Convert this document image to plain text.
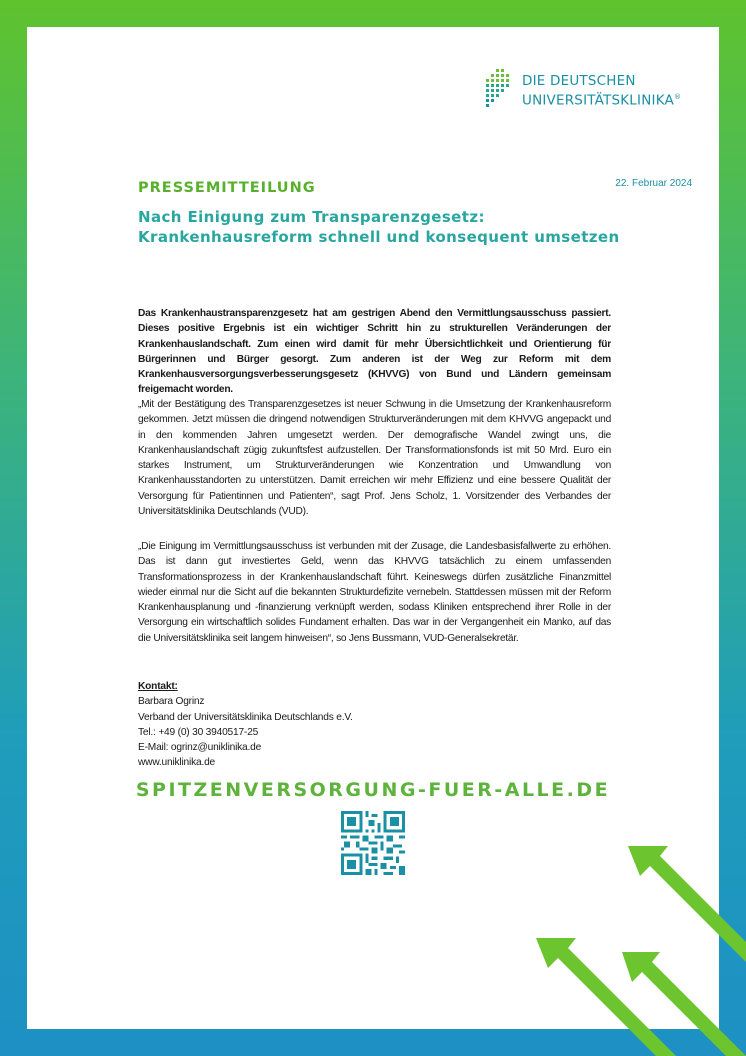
DIE DEUTSCHEN
UNIVERSITÄTSKLINIKA®
22. Februar 2024
PRESSEMITTEILUNG
Nach Einigung zum Transparenzgesetz:
Krankenhausreform schnell und konsequent umsetzen
Das Krankenhaustransparenzgesetz hat am gestrigen Abend den Vermittlungsausschuss passiert. Dieses positive Ergebnis ist ein wichtiger Schritt hin zu strukturellen Veränderungen der Krankenhauslandschaft. Zum einen wird damit für mehr Übersichtlichkeit und Orientierung für Bürgerinnen und Bürger gesorgt. Zum anderen ist der Weg zur Reform mit dem Krankenhausversorgungsverbesserungsgesetz (KHVVG) von Bund und Ländern gemeinsam freigemacht worden.
„Mit der Bestätigung des Transparenzgesetzes ist neuer Schwung in die Umsetzung der Krankenhausreform gekommen. Jetzt müssen die dringend notwendigen Strukturveränderungen mit dem KHVVG angepackt und in den kommenden Jahren umgesetzt werden. Der demografische Wandel zwingt uns, die Krankenhauslandschaft zügig zukunftsfest aufzustellen. Der Transformationsfonds ist mit 50 Mrd. Euro ein starkes Instrument, um Strukturveränderungen wie Konzentration und Umwandlung von Krankenhausstandorten zu unterstützen. Damit erreichen wir mehr Effizienz und eine bessere Qualität der Versorgung für Patientinnen und Patienten“, sagt Prof. Jens Scholz, 1. Vorsitzender des Verbandes der Universitätsklinika Deutschlands (VUD).
„Die Einigung im Vermittlungsausschuss ist verbunden mit der Zusage, die Landesbasisfallwerte zu erhöhen. Das ist dann gut investiertes Geld, wenn das KHVVG tatsächlich zu einem umfassenden Transformationsprozess in der Krankenhauslandschaft führt. Keineswegs dürfen zusätzliche Finanzmittel wieder einmal nur die Sicht auf die bekannten Strukturdefizite vernebeln. Stattdessen müssen mit der Reform Krankenhausplanung und -finanzierung verknüpft werden, sodass Kliniken entsprechend ihrer Rolle in der Versorgung ein wirtschaftlich solides Fundament erhalten. Das war in der Vergangenheit ein Manko, auf das die Universitätsklinika seit langem hinweisen“, so Jens Bussmann, VUD-Generalsekretär.
Kontakt:
Barbara Ogrinz
Verband der Universitätsklinika Deutschlands e.V.
Tel.: +49 (0) 30 3940517-25
E-Mail: ogrinz@uniklinika.de
www.uniklinika.de
SPITZENVERSORGUNG-FUER-ALLE.DE
